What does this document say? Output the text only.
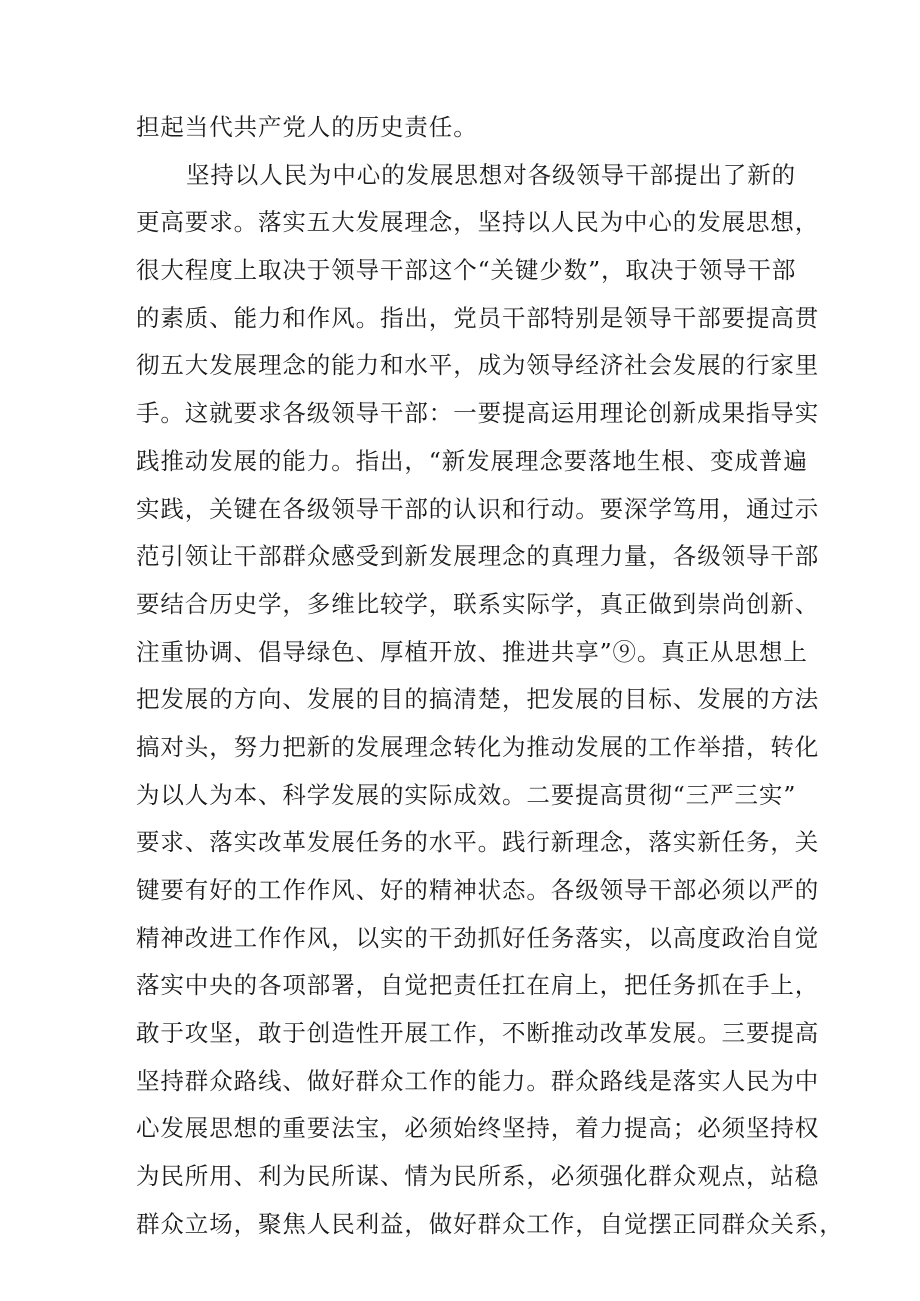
担起当代共产党人的历史责任。
坚持以人民为中心的发展思想对各级领导干部提出了新的
更高要求。落实五大发展理念，坚持以人民为中心的发展思想，
很大程度上取决于领导干部这个“关键少数”，取决于领导干部
的素质、能力和作风。指出，党员干部特别是领导干部要提高贯
彻五大发展理念的能力和水平，成为领导经济社会发展的行家里
手。这就要求各级领导干部：一要提高运用理论创新成果指导实
践推动发展的能力。指出，“新发展理念要落地生根、变成普遍
实践，关键在各级领导干部的认识和行动。要深学笃用，通过示
范引领让干部群众感受到新发展理念的真理力量，各级领导干部
要结合历史学，多维比较学，联系实际学，真正做到崇尚创新、
注重协调、倡导绿色、厚植开放、推进共享”⑨。真正从思想上
把发展的方向、发展的目的搞清楚，把发展的目标、发展的方法
搞对头，努力把新的发展理念转化为推动发展的工作举措，转化
为以人为本、科学发展的实际成效。二要提高贯彻“三严三实”
要求、落实改革发展任务的水平。践行新理念，落实新任务，关
键要有好的工作作风、好的精神状态。各级领导干部必须以严的
精神改进工作作风，以实的干劲抓好任务落实，以高度政治自觉
落实中央的各项部署，自觉把责任扛在肩上，把任务抓在手上，
敢于攻坚，敢于创造性开展工作，不断推动改革发展。三要提高
坚持群众路线、做好群众工作的能力。群众路线是落实人民为中
心发展思想的重要法宝，必须始终坚持，着力提高；必须坚持权
为民所用、利为民所谋、情为民所系，必须强化群众观点，站稳
群众立场，聚焦人民利益，做好群众工作，自觉摆正同群众关系，
